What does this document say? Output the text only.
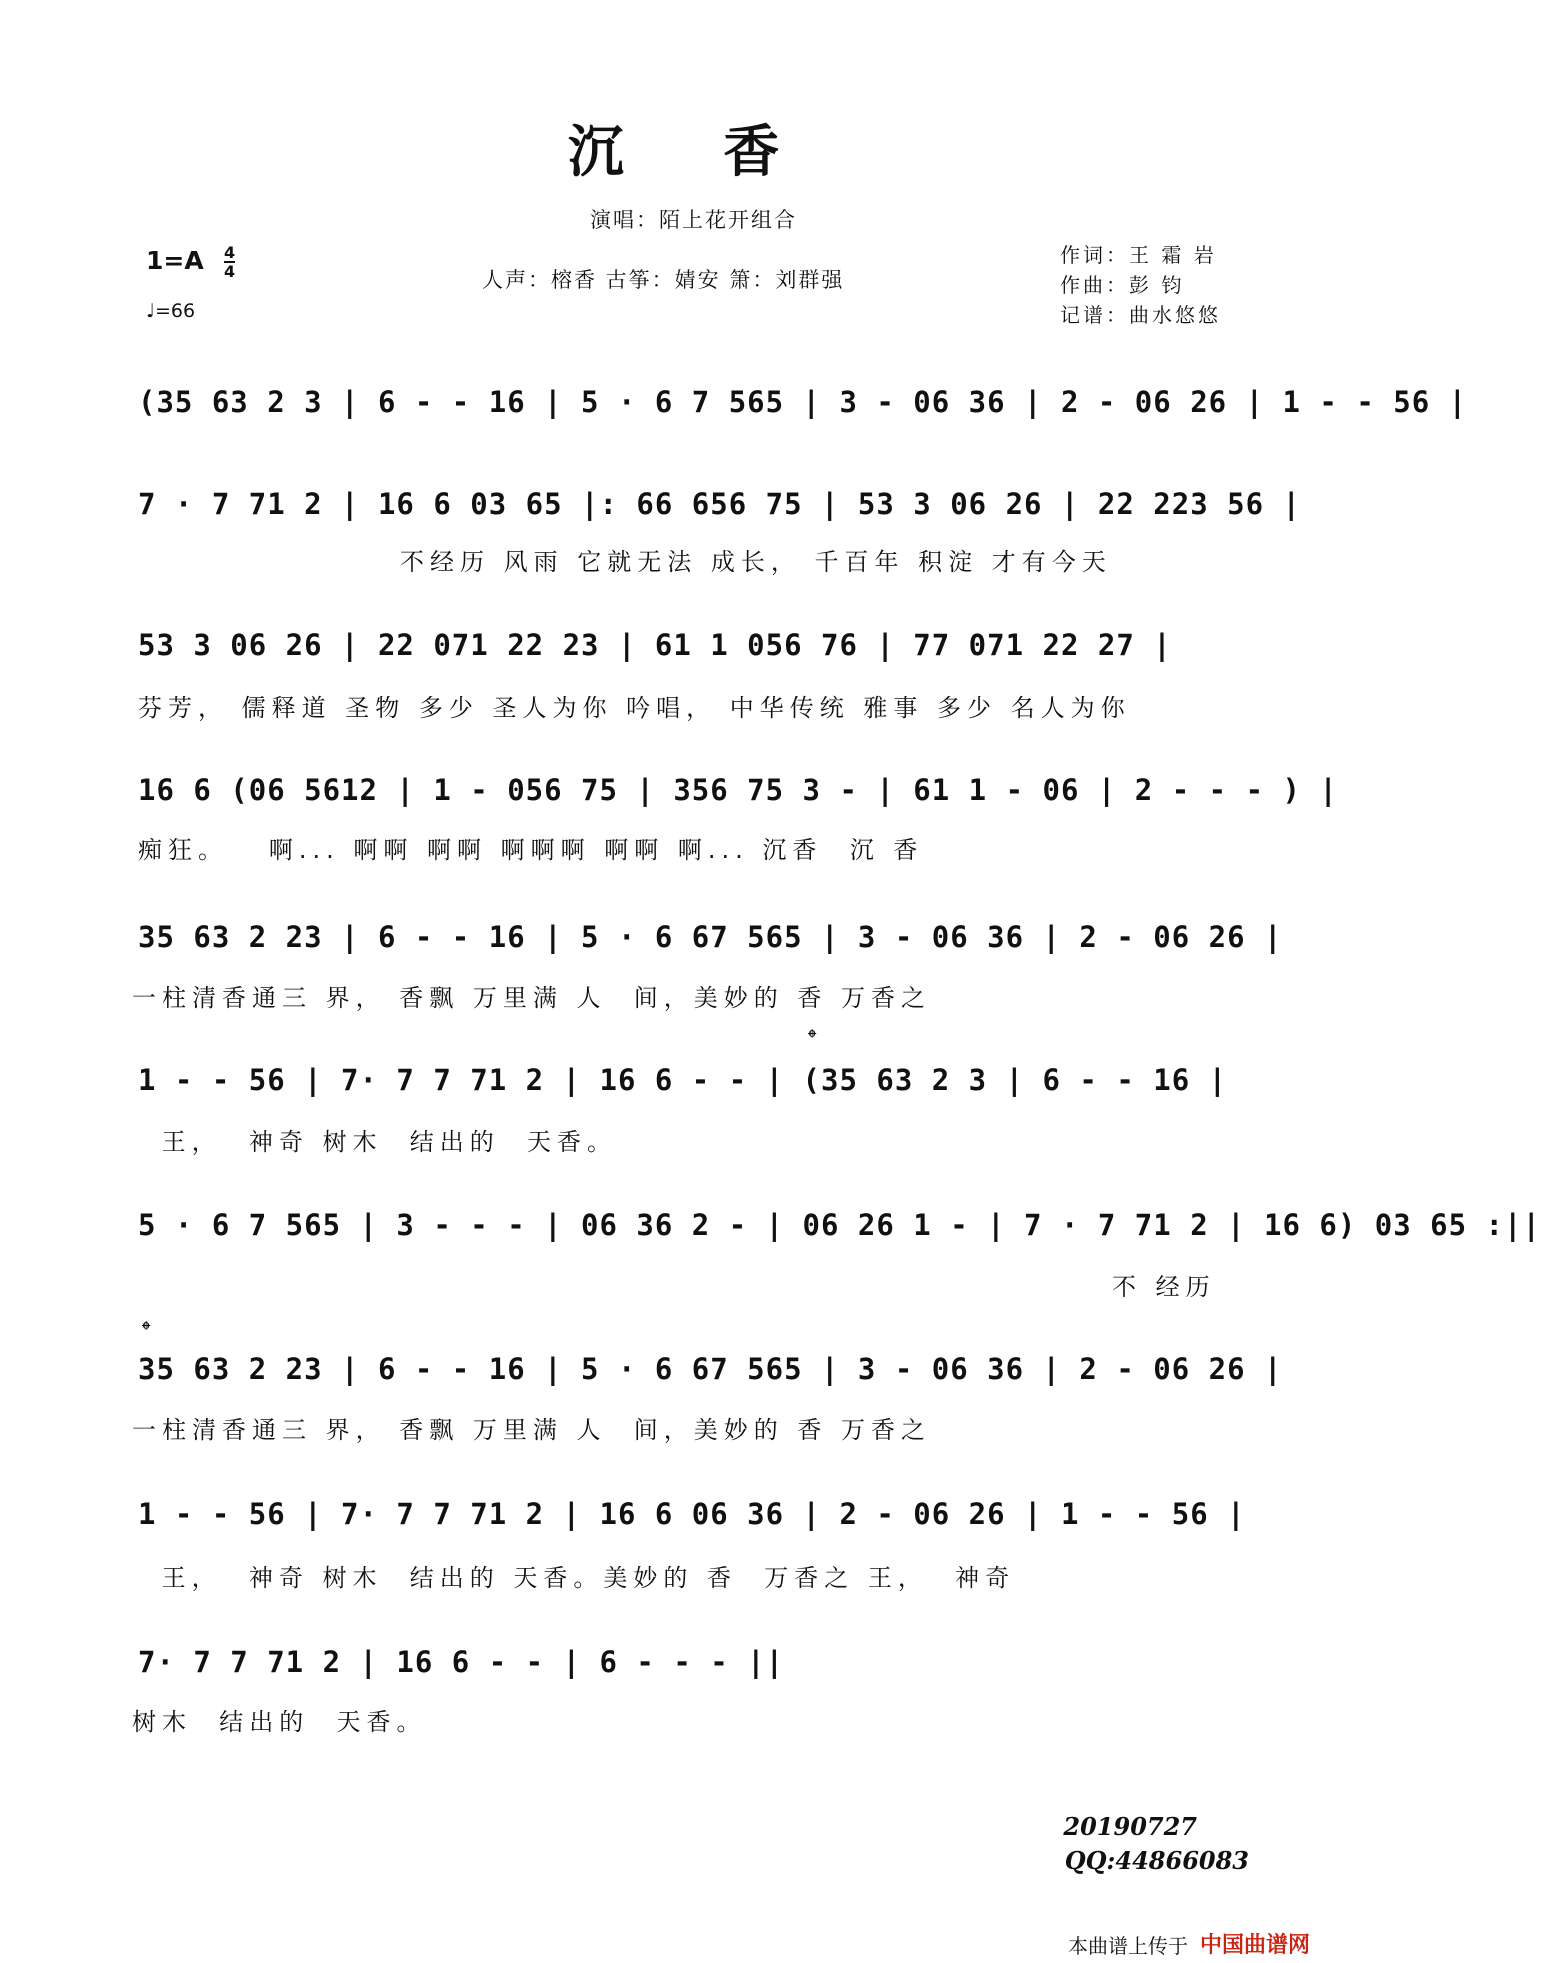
沉 香
演唱：陌上花开组合
$1=A \frac{4}{4}$
♩=66
人声：榕香 古筝：婧安 箫：刘群强
作词：王 霜 岩
作曲：彭 钧
记谱：曲水悠悠
(35 63 2 3 | 6 - - 16 | 5 · 6 7 565 | 3 - 06 36 | 2 - 06 26 | 1 - - 56 |
7 · 7 71 2 | 16 6 03 65 |: 66 656 75 | 53 3 06 26 | 22 223 56 |
不经历 风雨 它就无法 成长， 千百年 积淀 才有今天
53 3 06 26 | 22 071 22 23 | 61 1 056 76 | 77 071 22 27 |
芬芳， 儒释道 圣物 多少 圣人为你 吟唱， 中华传统 雅事 多少 名人为你
16 6 (06 5612 | 1 - 056 75 | 356 75 3 - | 61 1 - 06 | 2 - - - ) |
痴狂。   啊... 啊啊 啊啊 啊啊啊 啊啊 啊... 沉香  沉 香
35 63 2 23 | 6 - - 16 | 5 · 6 67 565 | 3 - 06 36 | 2 - 06 26 |
一柱清香通三 界， 香飘 万里满 人  间，美妙的 香 万香之
𝄌
1 - - 56 | 7· 7 7 71 2 | 16 6 - - | (35 63 2 3 | 6 - - 16 |
王，  神奇 树木  结出的  天香。
5 · 6 7 565 | 3 - - - | 06 36 2 - | 06 26 1 - | 7 · 7 71 2 | 16 6) 03 65 :||
不 经历
𝄌
35 63 2 23 | 6 - - 16 | 5 · 6 67 565 | 3 - 06 36 | 2 - 06 26 |
一柱清香通三 界， 香飘 万里满 人  间，美妙的 香 万香之
1 - - 56 | 7· 7 7 71 2 | 16 6 06 36 | 2 - 06 26 | 1 - - 56 |
王，  神奇 树木  结出的 天香。美妙的 香  万香之 王，  神奇
7· 7 7 71 2 | 16 6 - - | 6 - - - ||
树木  结出的  天香。
20190727
QQ:44866083
本曲谱上传于 中国曲谱网
